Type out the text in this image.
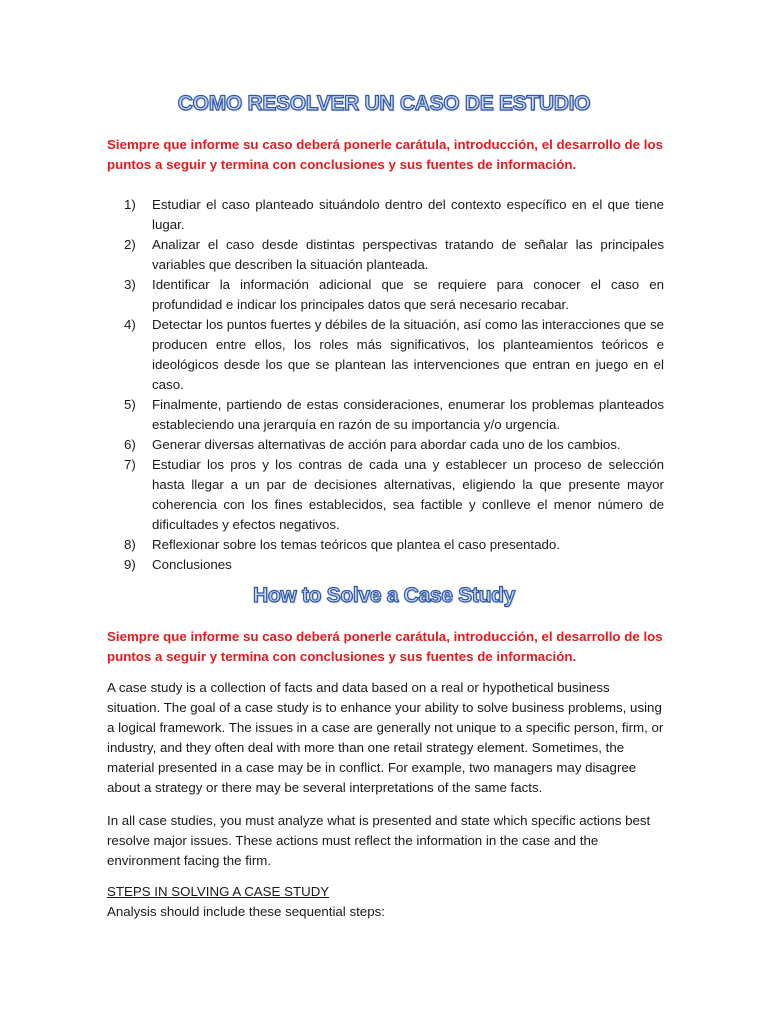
COMO RESOLVER UN CASO DE ESTUDIO
Siempre que informe su caso deberá ponerle carátula, introducción, el desarrollo de los puntos a seguir y termina con conclusiones y sus fuentes de información.
1) Estudiar el caso planteado situándolo dentro del contexto específico en el que tiene lugar.
2) Analizar el caso desde distintas perspectivas tratando de señalar las principales variables que describen la situación planteada.
3) Identificar la información adicional que se requiere para conocer el caso en profundidad e indicar los principales datos que será necesario recabar.
4) Detectar los puntos fuertes y débiles de la situación, así como las interacciones que se producen entre ellos, los roles más significativos, los planteamientos teóricos e ideológicos desde los que se plantean las intervenciones que entran en juego en el caso.
5) Finalmente, partiendo de estas consideraciones, enumerar los problemas planteados estableciendo una jerarquía en razón de su importancia y/o urgencia.
6) Generar diversas alternativas de acción para abordar cada uno de los cambios.
7) Estudiar los pros y los contras de cada una y establecer un proceso de selección hasta llegar a un par de decisiones alternativas, eligiendo la que presente mayor coherencia con los fines establecidos, sea factible y conlleve el menor número de dificultades y efectos negativos.
8) Reflexionar sobre los temas teóricos que plantea el caso presentado.
9) Conclusiones
How to Solve a Case Study
Siempre que informe su caso deberá ponerle carátula, introducción, el desarrollo de los puntos a seguir y termina con conclusiones y sus fuentes de información.

A case study is a collection of facts and data based on a real or hypothetical business situation. The goal of a case study is to enhance your ability to solve business problems, using a logical framework. The issues in a case are generally not unique to a specific person, firm, or industry, and they often deal with more than one retail strategy element. Sometimes, the material presented in a case may be in conflict. For example, two managers may disagree about a strategy or there may be several interpretations of the same facts.

In all case studies, you must analyze what is presented and state which specific actions best resolve major issues. These actions must reflect the information in the case and the environment facing the firm.

STEPS IN SOLVING A CASE STUDY

Analysis should include these sequential steps:
